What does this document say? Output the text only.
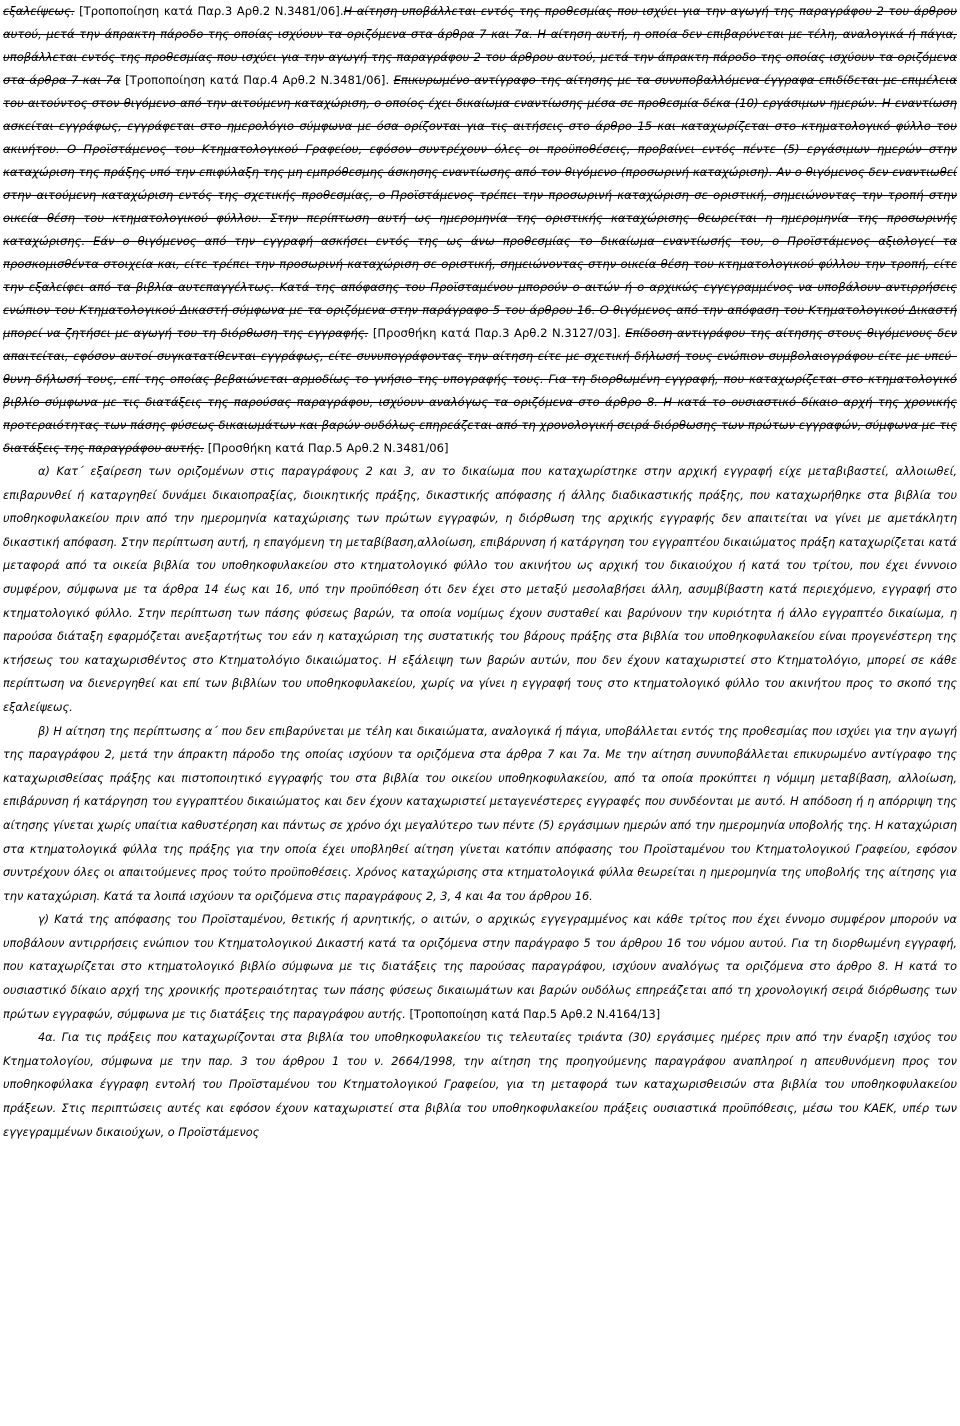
εξαλείψεως. [Τροποποίηση κατά Παρ.3 Αρθ.2 Ν.3481/06].Η αίτηση υποβάλλεται εντός της προθεσμίας που ισχύει για την αγωγή της παραγράφου 2 του άρθρου αυτού, μετά την άπρακτη πάροδο της οποίας ισχύουν τα οριζόμενα στα άρθρα 7 και 7α. Η αίτηση αυτή, η οποία δεν επιβαρύνεται με τέλη, αναλογικά ή πάγια, υποβάλλεται εντός της προθεσμίας που ισχύει για την αγωγή της παραγράφου 2 του άρθρου αυτού, μετά την άπρακτη πάροδο της οποίας ισχύουν τα οριζόμενα στα άρθρα 7 και 7α [Τροποποίηση κατά Παρ.4 Αρθ.2 Ν.3481/06]. Επικυρωμένο αντίγραφο της αίτησης με τα συνυποβαλλόμενα έγγραφα επιδίδεται με επιμέλεια του αιτούντος στον θιγόμενο από την αιτούμενη καταχώριση, ο οποίος έχει δικαίωμα εναντίωσης μέσα σε προθεσμία δέκα (10) εργάσιμων ημερών. Η εναντίωση ασκείται εγγράφως, εγγράφεται στο ημερολόγιο σύμφωνα με όσα ορίζονται για τις αιτήσεις στο άρθρο 15 και καταχωρίζεται στο κτηματολογικό φύλλο του ακινήτου. Ο Προϊστάμενος του Κτηματολογικού Γραφείου, εφόσον συντρέχουν όλες οι προϋποθέσεις, προβαίνει εντός πέντε (5) εργάσιμων ημερών στην καταχώριση της πράξης υπό την επιφύλαξη της μη εμπρόθεσμης άσκησης εναντίωσης από τον θιγόμενο (προσωρινή καταχώριση). Αν ο θιγόμενος δεν εναντιωθεί στην αιτούμενη καταχώριση εντός της σχετικής προθεσμίας, ο Προϊστάμενος τρέπει την προσωρινή καταχώριση σε οριστική, σημειώνοντας την τροπή στην οικεία θέση του κτηματολογικού φύλλου. Στην περίπτωση αυτή ως ημερομηνία της οριστικής καταχώρισης θεωρείται η ημερομηνία της προσωρινής καταχώρισης. Εάν ο θιγόμενος από την εγγραφή ασκήσει εντός της ως άνω προθεσμίας το δικαίωμα εναντίωσής του, ο Προϊστάμενος αξιολογεί τα προσκομισθέντα στοιχεία και, είτε τρέπει την προσωρινή καταχώριση σε οριστική, σημειώνοντας στην οικεία θέση του κτηματολογικού φύλλου την τροπή, είτε την εξαλείφει από τα βιβλία αυτεπαγγέλτως. Κατά της απόφασης του Προϊσταμένου μπορούν ο αιτών ή ο αρχικώς εγγεγραμμένος να υποβάλουν αντιρρήσεις ενώπιον του Κτηματολογικού Δικαστή σύμφωνα με τα οριζόμενα στην παράγραφο 5 του άρθρου 16. Ο θιγόμενος από την απόφαση του Κτηματολογικού Δικαστή μπορεί να ζητήσει με αγωγή του τη διόρθωση της εγγραφής. [Προσθήκη κατά Παρ.3 Αρθ.2 Ν.3127/03]. Επίδοση αντιγράφου της αίτησης στους θιγόμενους δεν απαιτείται, εφόσον αυτοί συγκατατίθενται εγγράφως, είτε συνυπογράφοντας την αίτηση είτε με σχετική δήλωσή τους ενώπιον συμβολαιογράφου είτε με υπεύ– θυνη δήλωσή τους, επί της οποίας βεβαιώνεται αρμοδίως το γνήσιο της υπογραφής τους. Για τη διορθωμένη εγγραφή, που καταχωρίζεται στο κτηματολογικό βιβλίο σύμφωνα με τις διατάξεις της παρούσας παραγράφου, ισχύουν αναλόγως τα οριζόμενα στο άρθρο 8. Η κατά το ουσιαστικό δίκαιο αρχή της χρονικής προτεραιότητας των πάσης φύσεως δικαιωμάτων και βαρών ουδόλως επηρεάζεται από τη χρονολογική σειρά διόρθωσης των πρώτων εγγραφών, σύμφωνα με τις διατάξεις της παραγράφου αυτής. [Προσθήκη κατά Παρ.5 Αρθ.2 Ν.3481/06]

α) Κατ΄ εξαίρεση των οριζομένων στις παραγράφους 2 και 3, αν το δικαίωμα που καταχωρίστηκε στην αρχική εγγραφή είχε μεταβιβαστεί, αλλοιωθεί, επιβαρυνθεί ή καταργηθεί δυνάμει δικαιοπραξίας, διοικητικής πράξης, δικαστικής απόφασης ή άλλης διαδικαστικής πράξης, που καταχωρήθηκε στα βιβλία του υποθηκοφυλακείου πριν από την ημερομηνία καταχώρισης των πρώτων εγγραφών, η διόρθωση της αρχικής εγγραφής δεν απαιτείται να γίνει με αμετάκλητη δικαστική απόφαση. Στην περίπτωση αυτή, η επαγόμενη τη μεταβίβαση,αλλοίωση, επιβάρυνση ή κατάργηση του εγγραπτέου δικαιώματος πράξη καταχωρίζεται κατά μεταφορά από τα οικεία βιβλία του υποθηκοφυλακείου στο κτηματολογικό φύλλο του ακινήτου ως αρχική του δικαιούχου ή κατά του τρίτου, που έχει ένννοιο συμφέρον, σύμφωνα με τα άρθρα 14 έως και 16, υπό την προϋπόθεση ότι δεν έχει στο μεταξύ μεσολαβήσει άλλη, ασυμβίβαστη κατά περιεχόμενο, εγγραφή στο κτηματολογικό φύλλο. Στην περίπτωση των πάσης φύσεως βαρών, τα οποία νομίμως έχουν συσταθεί και βαρύνουν την κυριότητα ή άλλο εγγραπτέο δικαίωμα, η παρούσα διάταξη εφαρμόζεται ανεξαρτήτως του εάν η καταχώριση της συστατικής του βάρους πράξης στα βιβλία του υποθηκοφυλακείου είναι προγενέστερη της κτήσεως του καταχωρισθέντος στο Κτηματολόγιο δικαιώματος. Η εξάλειψη των βαρών αυτών, που δεν έχουν καταχωριστεί στο Κτηματολόγιο, μπορεί σε κάθε περίπτωση να διενεργηθεί και επί των βιβλίων του υποθηκοφυλακείου, χωρίς να γίνει η εγγραφή τους στο κτηματολογικό φύλλο του ακινήτου προς το σκοπό της εξαλείψεως.

β) Η αίτηση της περίπτωσης α΄ που δεν επιβαρύνεται με τέλη και δικαιώματα, αναλογικά ή πάγια, υποβάλλεται εντός της προθεσμίας που ισχύει για την αγωγή της παραγράφου 2, μετά την άπρακτη πάροδο της οποίας ισχύουν τα οριζόμενα στα άρθρα 7 και 7α. Με την αίτηση συνυποβάλλεται επικυρωμένο αντίγραφο της καταχωρισθείσας πράξης και πιστοποιητικό εγγραφής του στα βιβλία του οικείου υποθηκοφυλακείου, από τα οποία προκύπτει η νόμιμη μεταβίβαση, αλλοίωση, επιβάρυνση ή κατάργηση του εγγραπτέου δικαιώματος και δεν έχουν καταχωριστεί μεταγενέστερες εγγραφές που συνδέονται με αυτό. Η απόδοση ή η απόρριψη της αίτησης γίνεται χωρίς υπαίτια καθυστέρηση και πάντως σε χρόνο όχι μεγαλύτερο των πέντε (5) εργάσιμων ημερών από την ημερομηνία υποβολής της. Η καταχώριση στα κτηματολογικά φύλλα της πράξης για την οποία έχει υποβληθεί αίτηση γίνεται κατόπιν απόφασης του Προϊσταμένου του Κτηματολογικού Γραφείου, εφόσον συντρέχουν όλες οι απαιτούμενες προς τούτο προϋποθέσεις. Χρόνος καταχώρισης στα κτηματολογικά φύλλα θεωρείται η ημερομηνία της υποβολής της αίτησης για την καταχώριση. Κατά τα λοιπά ισχύουν τα οριζόμενα στις παραγράφους 2, 3, 4 και 4α του άρθρου 16.

γ) Κατά της απόφασης του Προϊσταμένου, θετικής ή αρνητικής, ο αιτών, ο αρχικώς εγγεγραμμένος και κάθε τρίτος που έχει έννομο συμφέρον μπορούν να υποβάλουν αντιρρήσεις ενώπιον του Κτηματολογικού Δικαστή κατά τα οριζόμενα στην παράγραφο 5 του άρθρου 16 του νόμου αυτού. Για τη διορθωμένη εγγραφή, που καταχωρίζεται στο κτηματολογικό βιβλίο σύμφωνα με τις διατάξεις της παρούσας παραγράφου, ισχύουν αναλόγως τα οριζόμενα στο άρθρο 8. Η κατά το ουσιαστικό δίκαιο αρχή της χρονικής προτεραιότητας των πάσης φύσεως δικαιωμάτων και βαρών ουδόλως επηρεάζεται από τη χρονολογική σειρά διόρθωσης των πρώτων εγγραφών, σύμφωνα με τις διατάξεις της παραγράφου αυτής. [Τροποποίηση κατά Παρ.5 Αρθ.2 Ν.4164/13]

4α. Για τις πράξεις που καταχωρίζονται στα βιβλία του υποθηκοφυλακείου τις τελευταίες τριάντα (30) εργάσιμες ημέρες πριν από την έναρξη ισχύος του Κτηματολογίου, σύμφωνα με την παρ. 3 του άρθρου 1 του ν. 2664/1998, την αίτηση της προηγούμενης παραγράφου αναπληροί η απευθυνόμενη προς τον υποθηκοφύλακα έγγραφη εντολή του Προϊσταμένου του Κτηματολογικού Γραφείου, για τη μεταφορά των καταχωρισθεισών στα βιβλία του υποθηκοφυλακείου πράξεων. Στις περιπτώσεις αυτές και εφόσον έχουν καταχωριστεί στα βιβλία του υποθηκοφυλακείου πράξεις ουσιαστικά προϋπόθεσις, μέσω του ΚΑΕΚ, υπέρ των εγγεγραμμένων δικαιούχων, ο Προϊστάμενος
